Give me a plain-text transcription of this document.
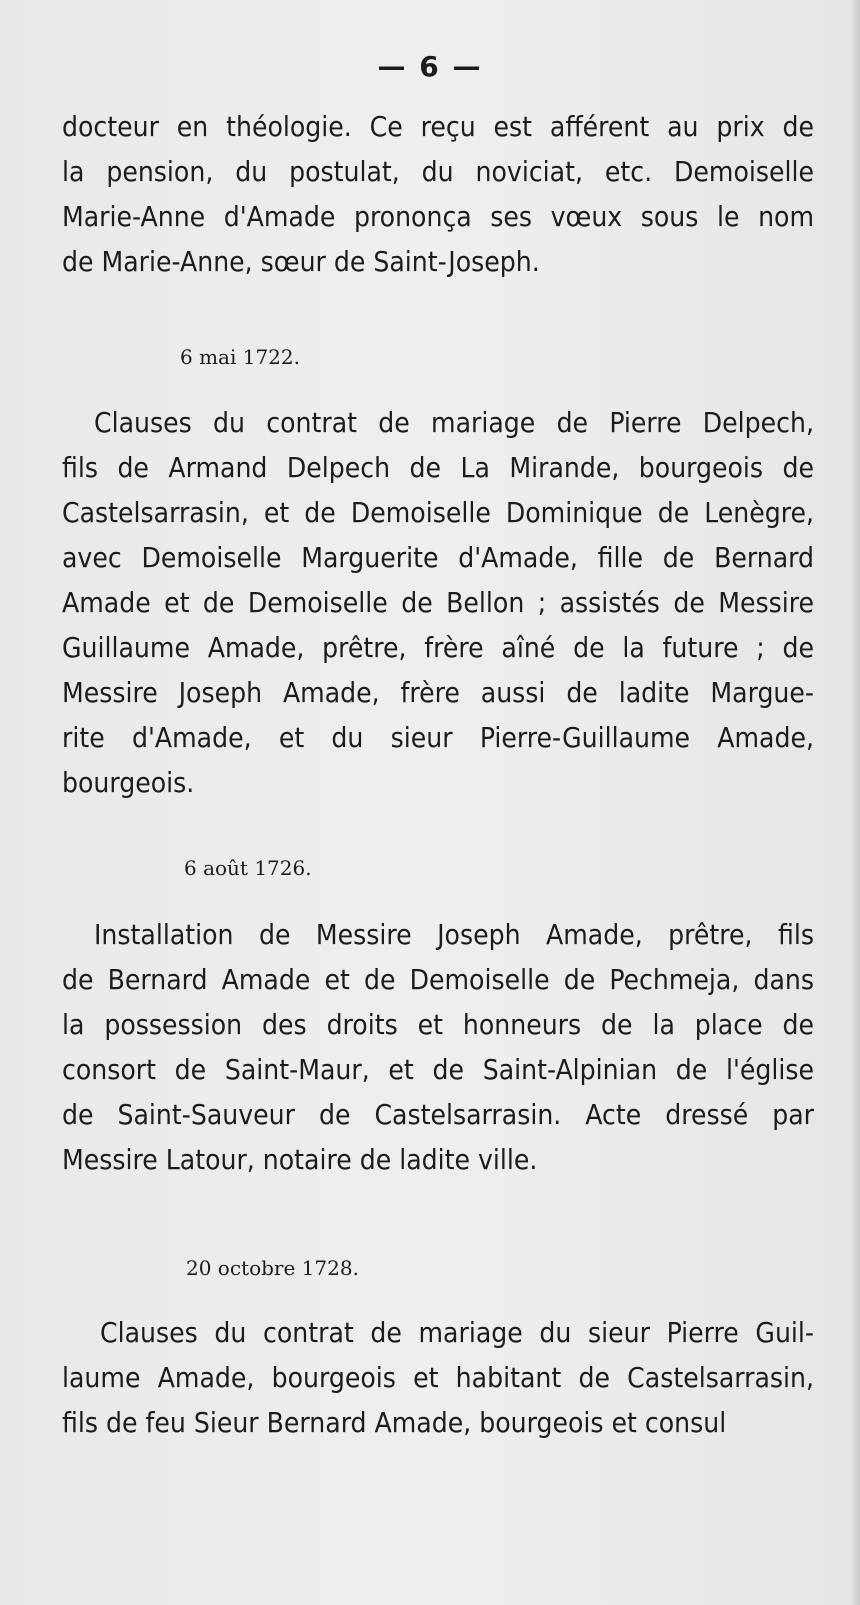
— 6 —
docteur en théologie. Ce reçu est afférent au prix de
la pension, du postulat, du noviciat, etc. Demoiselle
Marie-Anne d'Amade prononça ses vœux sous le nom
de Marie-Anne, sœur de Saint-Joseph.
6 mai 1722.
Clauses du contrat de mariage de Pierre Delpech,
fils de Armand Delpech de La Mirande, bourgeois de
Castelsarrasin, et de Demoiselle Dominique de Lenègre,
avec Demoiselle Marguerite d'Amade, fille de Bernard
Amade et de Demoiselle de Bellon ; assistés de Messire
Guillaume Amade, prêtre, frère aîné de la future ; de
Messire Joseph Amade, frère aussi de ladite Margue-
rite d'Amade, et du sieur Pierre-Guillaume Amade,
bourgeois.
6 août 1726.
Installation de Messire Joseph Amade, prêtre, fils
de Bernard Amade et de Demoiselle de Pechmeja, dans
la possession des droits et honneurs de la place de
consort de Saint-Maur, et de Saint-Alpinian de l'église
de Saint-Sauveur de Castelsarrasin. Acte dressé par
Messire Latour, notaire de ladite ville.
20 octobre 1728.
Clauses du contrat de mariage du sieur Pierre Guil-
laume Amade, bourgeois et habitant de Castelsarrasin,
fils de feu Sieur Bernard Amade, bourgeois et consul
